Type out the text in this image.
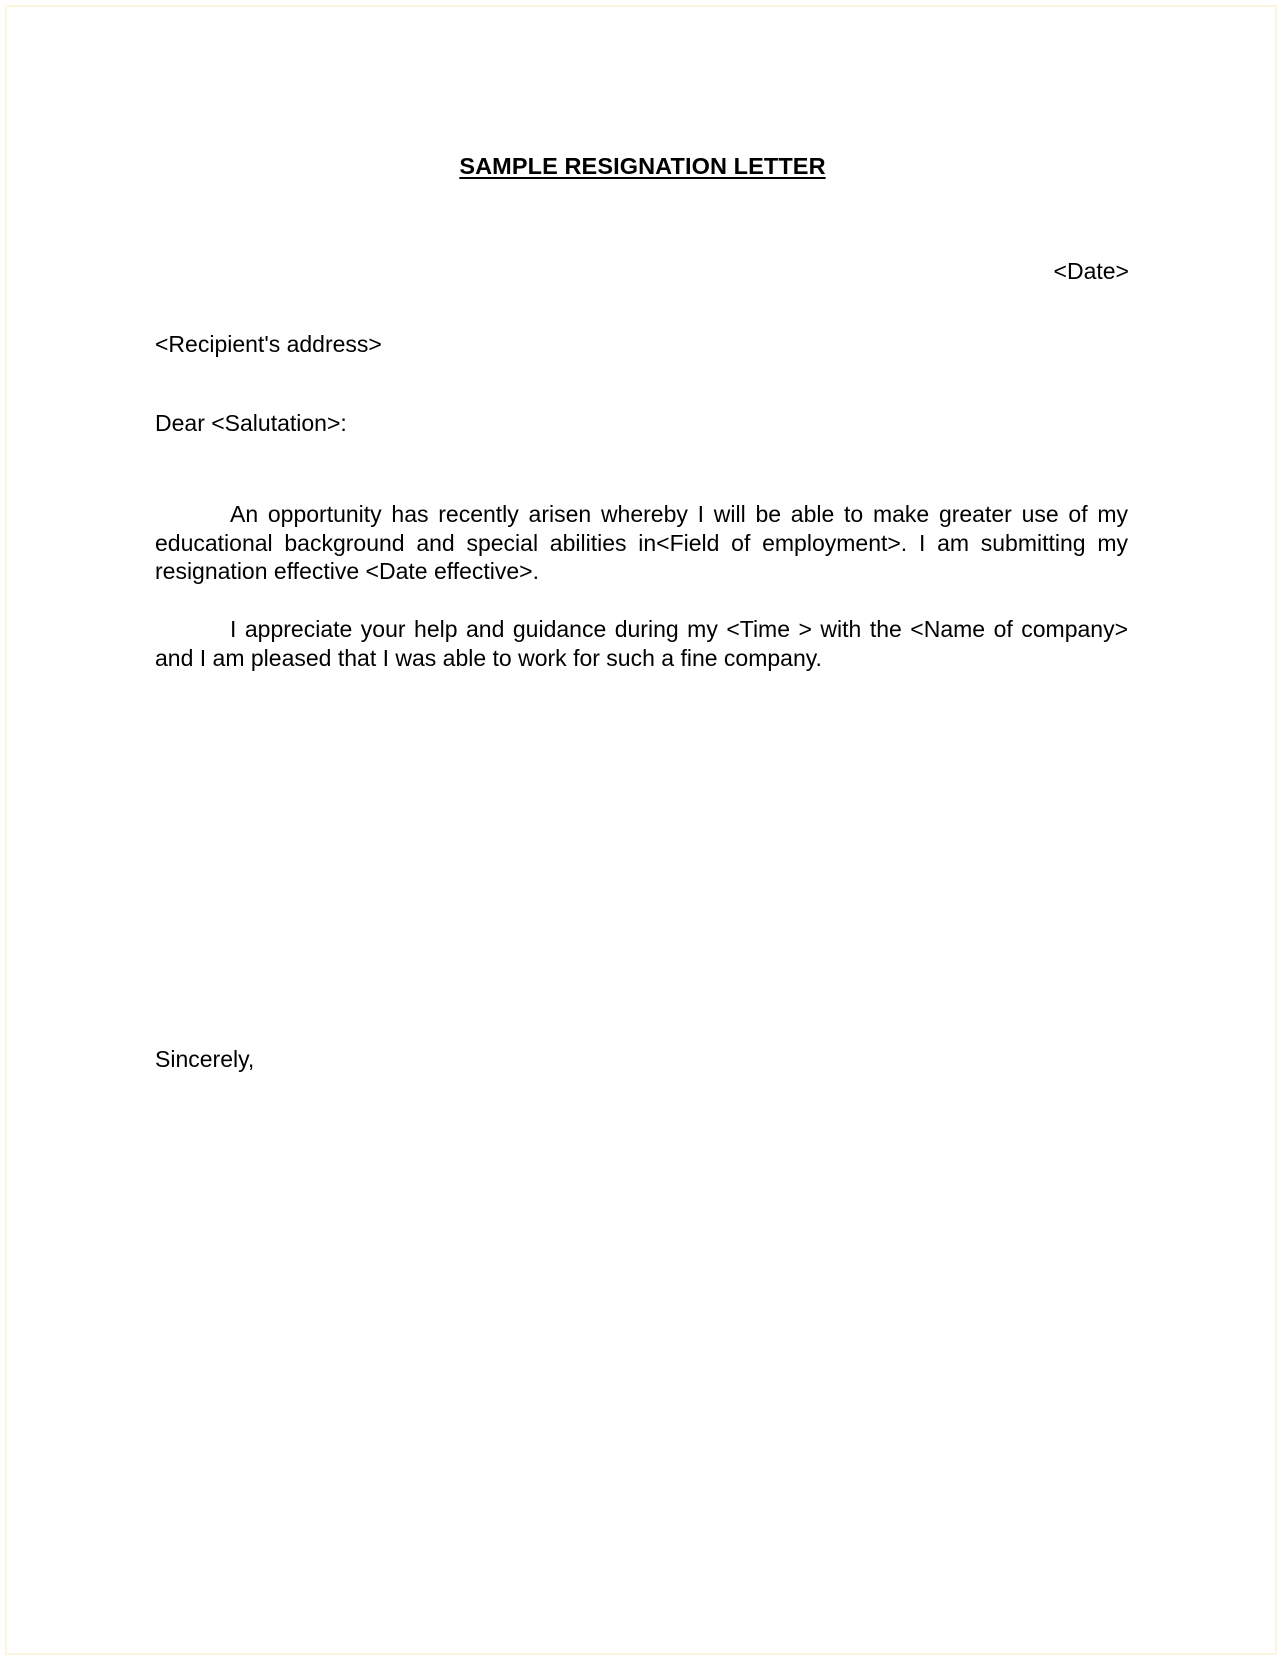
SAMPLE RESIGNATION LETTER
<Date>
<Recipient's address>
Dear <Salutation>:
An opportunity has recently arisen whereby I will be able to make greater use of my educational background and special abilities in<Field of employment>. I am submitting my resignation effective <Date effective>.
I appreciate your help and guidance during my <Time > with the <Name of company> and I am pleased that I was able to work for such a fine company.
Sincerely,
